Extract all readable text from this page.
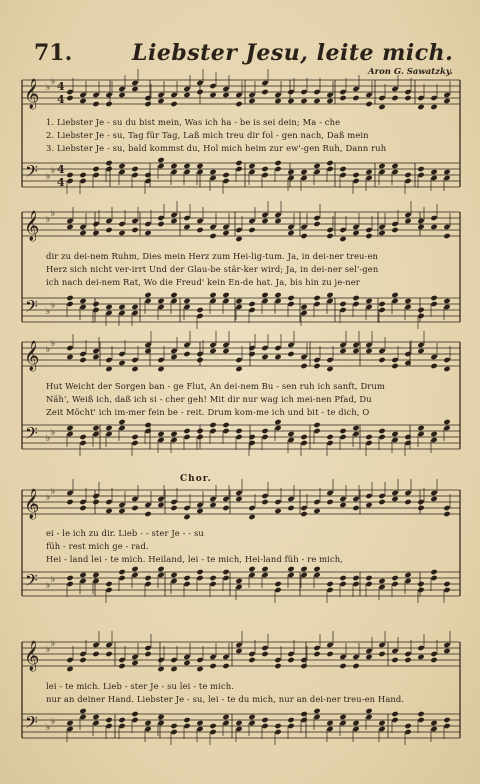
71.	Liebster Jesu, leite mich.
Aron G. Sawatzky.
𝄞
𝄢
♭
♭
♭
♭
𝄞
𝄢
♭
♭
♭
♭
𝄞
𝄢
♭
♭
♭
♭
𝄞
𝄢
♭
♭
♭
♭
𝄞
𝄢
♭
♭
♭
♭
4
4
4
4
1. Liebster Je - su du bist mein, Was ich ha - be is sei dein; Ma - che
2. Liebster Je - su, Tag für Tag, Laß mich treu dir fol - gen nach, Daß mein
3. Liebster Je - su, bald kommst du, Hol mich heim zur ew'-gen Ruh, Dann ruh
dir zu dei-nem Ruhm, Dies mein Herz zum Hei-lig-tum. Ja, in dei-ner treu-en
Herz sich nicht ver-irrt Und der Glau-be stär-ker wird; Ja, in dei-ner sel'-gen
ich nach dei-nem Rat, Wo die Freud' kein En-de hat. Ja, bis hin zu je-ner
Hut Weicht der Sorgen ban - ge Flut, An dei-nem Bu - sen ruh ich sanft, Drum
Näh', Weiß ich, daß ich si - cher geh! Mit dir nur wag ich mei-nen Pfad, Du
Zeit Möcht' ich im-mer fein be - reit. Drum kom-me ich und bit - te dich, O
Chor.
ei - le ich zu dir. Lieb - - ster Je - - su
füh - rest mich ge - rad.
Hei - land lei - te mich. Heiland, lei - te mich, Hei-land füh - re mich,
lei - te mich. Lieb - ster Je - su lei - te mich.
nur an deiner Hand. Liebster Je - su, lei - te du mich, nur an dei-ner treu-en Hand.
